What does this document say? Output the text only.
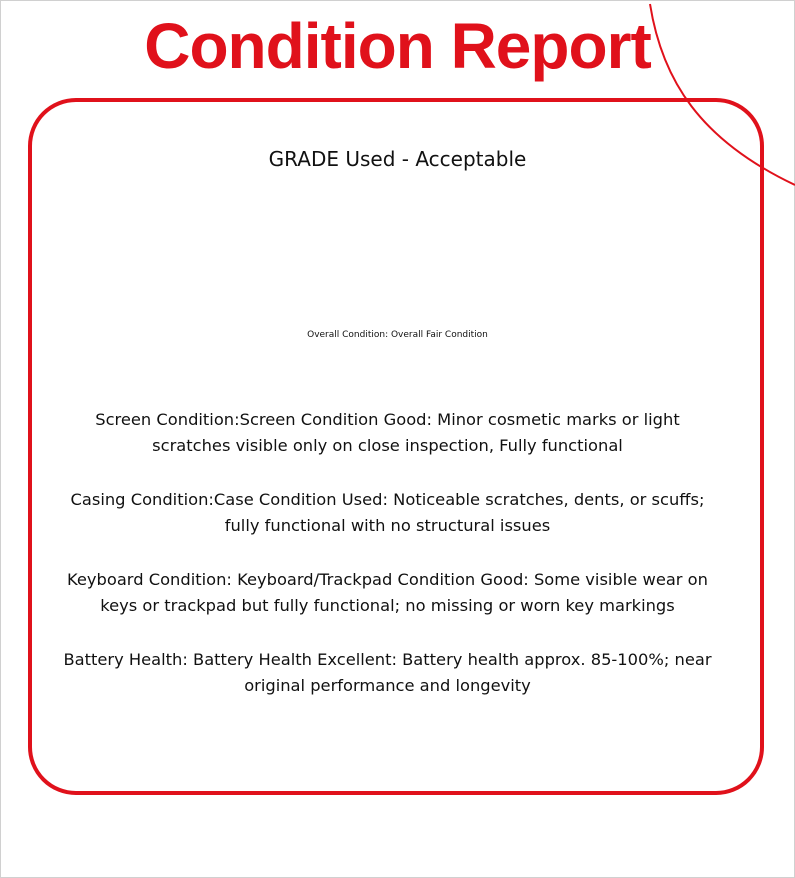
Condition Report
GRADE Used - Acceptable
Overall Condition: Overall Fair Condition

Screen Condition:Screen Condition Good: Minor cosmetic marks or light scratches visible only on close inspection, Fully functional

Casing Condition:Case Condition Used: Noticeable scratches, dents, or scuffs; fully functional with no structural issues

Keyboard Condition: Keyboard/Trackpad Condition Good: Some visible wear on keys or trackpad but fully functional; no missing or worn key markings

Battery Health: Battery Health Excellent: Battery health approx. 85-100%; near original performance and longevity
